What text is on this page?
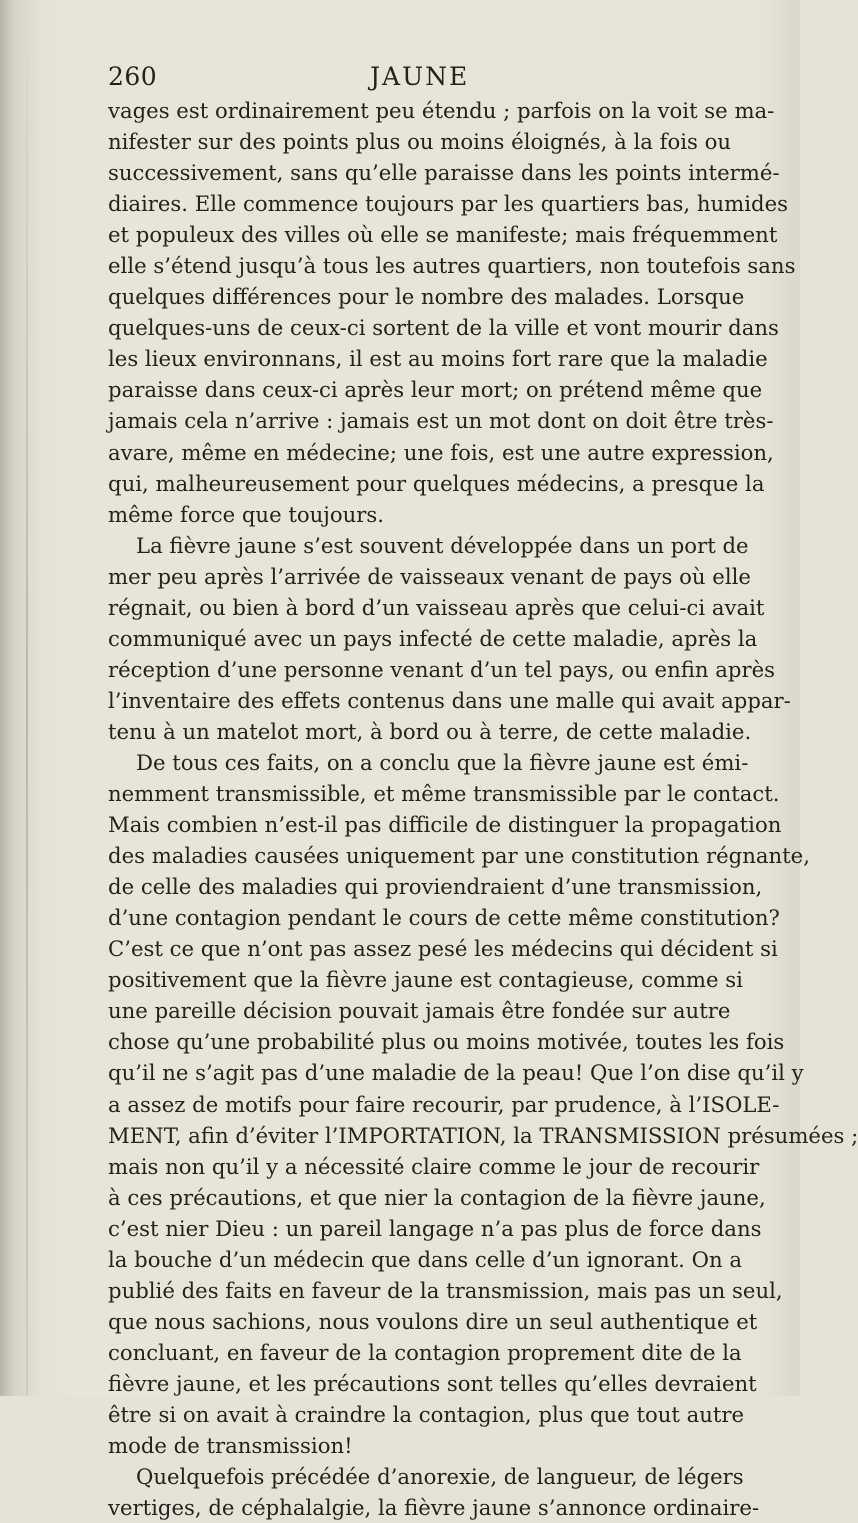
260	JAUNE
vages est ordinairement peu étendu ; parfois on la voit se ma-
nifester sur des points plus ou moins éloignés, à la fois ou
successivement, sans qu’elle paraisse dans les points intermé-
diaires. Elle commence toujours par les quartiers bas, humides
et populeux des villes où elle se manifeste; mais fréquemment
elle s’étend jusqu’à tous les autres quartiers, non toutefois sans
quelques différences pour le nombre des malades. Lorsque
quelques-uns de ceux-ci sortent de la ville et vont mourir dans
les lieux environnans, il est au moins fort rare que la maladie
paraisse dans ceux-ci après leur mort; on prétend même que
jamais cela n’arrive : jamais est un mot dont on doit être très-
avare, même en médecine; une fois, est une autre expression,
qui, malheureusement pour quelques médecins, a presque la
même force que toujours.
La fièvre jaune s’est souvent développée dans un port de
mer peu après l’arrivée de vaisseaux venant de pays où elle
régnait, ou bien à bord d’un vaisseau après que celui-ci avait
communiqué avec un pays infecté de cette maladie, après la
réception d’une personne venant d’un tel pays, ou enfin après
l’inventaire des effets contenus dans une malle qui avait appar-
tenu à un matelot mort, à bord ou à terre, de cette maladie.
De tous ces faits, on a conclu que la fièvre jaune est émi-
nemment transmissible, et même transmissible par le contact.
Mais combien n’est-il pas difficile de distinguer la propagation
des maladies causées uniquement par une constitution régnante,
de celle des maladies qui proviendraient d’une transmission,
d’une contagion pendant le cours de cette même constitution?
C’est ce que n’ont pas assez pesé les médecins qui décident si
positivement que la fièvre jaune est contagieuse, comme si
une pareille décision pouvait jamais être fondée sur autre
chose qu’une probabilité plus ou moins motivée, toutes les fois
qu’il ne s’agit pas d’une maladie de la peau! Que l’on dise qu’il y
a assez de motifs pour faire recourir, par prudence, à l’ISOLE-
MENT, afin d’éviter l’IMPORTATION, la TRANSMISSION présumées ;
mais non qu’il y a nécessité claire comme le jour de recourir
à ces précautions, et que nier la contagion de la fièvre jaune,
c’est nier Dieu : un pareil langage n’a pas plus de force dans
la bouche d’un médecin que dans celle d’un ignorant. On a
publié des faits en faveur de la transmission, mais pas un seul,
que nous sachions, nous voulons dire un seul authentique et
concluant, en faveur de la contagion proprement dite de la
fièvre jaune, et les précautions sont telles qu’elles devraient
être si on avait à craindre la contagion, plus que tout autre
mode de transmission!
Quelquefois précédée d’anorexie, de langueur, de légers
vertiges, de céphalalgie, la fièvre jaune s’annonce ordinaire-
